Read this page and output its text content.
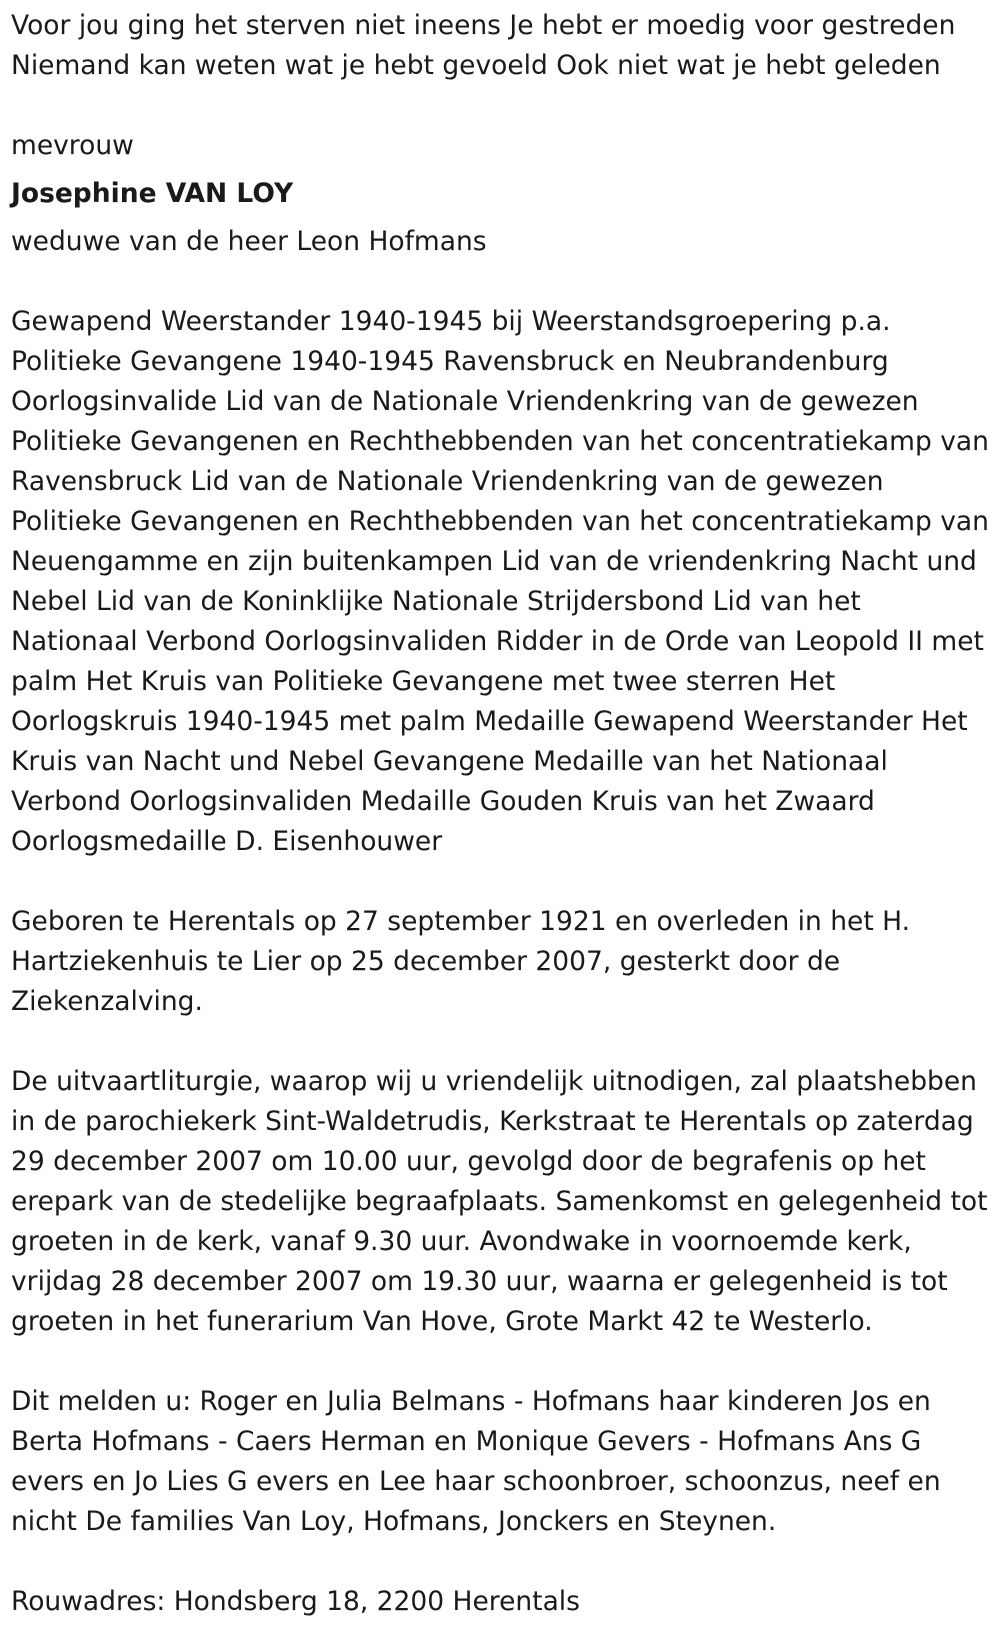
Voor jou ging het sterven niet ineens Je hebt er moedig voor gestreden

Niemand kan weten wat je hebt gevoeld Ook niet wat je hebt geleden

mevrouw

Josephine VAN LOY

weduwe van de heer Leon Hofmans

Gewapend Weerstander 1940-1945 bij Weerstandsgroepering p.a.

Politieke Gevangene 1940-1945 Ravensbruck en Neubrandenburg

Oorlogsinvalide Lid van de Nationale Vriendenkring van de gewezen

Politieke Gevangenen en Rechthebbenden van het concentratiekamp van

Ravensbruck Lid van de Nationale Vriendenkring van de gewezen

Politieke Gevangenen en Rechthebbenden van het concentratiekamp van

Neuengamme en zijn buitenkampen Lid van de vriendenkring Nacht und

Nebel Lid van de Koninklijke Nationale Strijdersbond Lid van het

Nationaal Verbond Oorlogsinvaliden Ridder in de Orde van Leopold II met

palm Het Kruis van Politieke Gevangene met twee sterren Het

Oorlogskruis 1940-1945 met palm Medaille Gewapend Weerstander Het

Kruis van Nacht und Nebel Gevangene Medaille van het Nationaal

Verbond Oorlogsinvaliden Medaille Gouden Kruis van het Zwaard

Oorlogsmedaille D. Eisenhouwer

Geboren te Herentals op 27 september 1921 en overleden in het H.

Hartziekenhuis te Lier op 25 december 2007, gesterkt door de

Ziekenzalving.

De uitvaartliturgie, waarop wij u vriendelijk uitnodigen, zal plaatshebben

in de parochiekerk Sint-Waldetrudis, Kerkstraat te Herentals op zaterdag

29 december 2007 om 10.00 uur, gevolgd door de begrafenis op het

erepark van de stedelijke begraafplaats. Samenkomst en gelegenheid tot

groeten in de kerk, vanaf 9.30 uur. Avondwake in voornoemde kerk,

vrijdag 28 december 2007 om 19.30 uur, waarna er gelegenheid is tot

groeten in het funerarium Van Hove, Grote Markt 42 te Westerlo.

Dit melden u: Roger en Julia Belmans - Hofmans haar kinderen Jos en

Berta Hofmans - Caers Herman en Monique Gevers - Hofmans Ans G

evers en Jo Lies G evers en Lee haar schoonbroer, schoonzus, neef en

nicht De families Van Loy, Hofmans, Jonckers en Steynen.

Rouwadres: Hondsberg 18, 2200 Herentals
